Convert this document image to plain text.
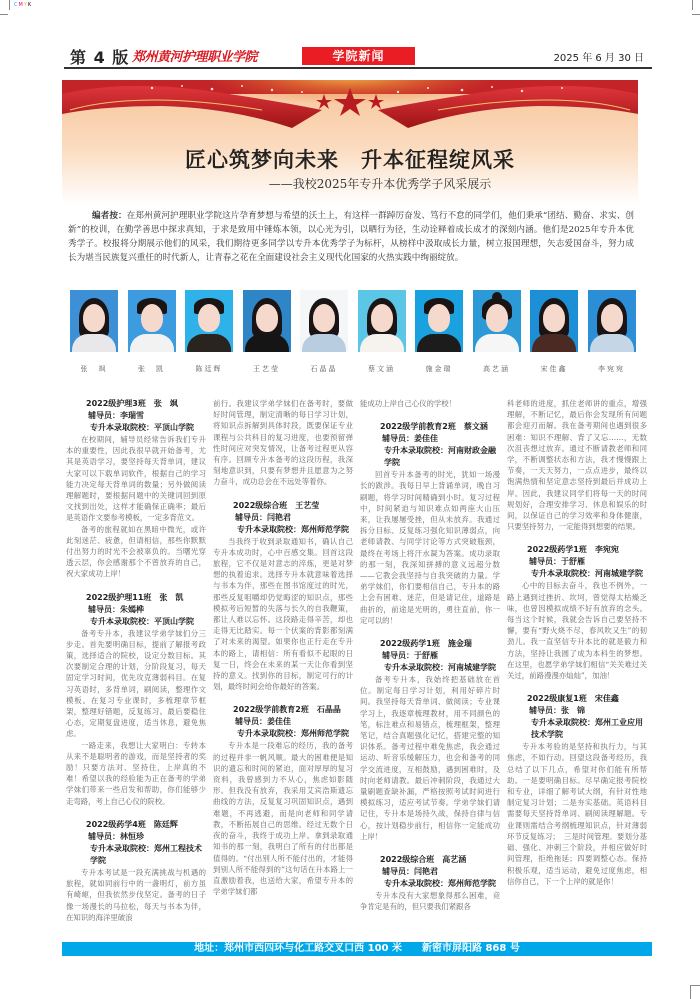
CMYK
第 4 版 郑州黄河护理职业学院	学院新闻	2025 年 6 月 30 日
匠心筑梦向未来　升本征程绽风采
——我校2025年专升本优秀学子风采展示
编者按：在郑州黄河护理职业学院这片孕育梦想与希望的沃土上，有这样一群踔厉奋发、笃行不怠的同学们，他们秉承“团结、勤奋、求实、创新”的校训，在勤学善思中探求真知，于求是致用中锤炼本领，以心光为引，以晒行为径，生动诠释着成长成才的深刻内涵。他们是2025年专升本优秀学子。校报将分期展示他们的风采，我们期待更多同学以专升本优秀学子为标杆，从榜样中汲取成长力量，树立报国理想，矢志爱国奋斗，努力成长为堪当民族复兴重任的时代新人，让青春之花在全面建设社会主义现代化国家的火热实践中绚丽绽放。
张　飒	张　凯	陈廷辉	王艺莹	石晶晶	蔡文涵	施金瑞	高艺涵	宋佳鑫	李宛宛
2022级护理3班　张　飒
辅导员：李瑞雪
专升本录取院校：平顶山学院

在校期间，辅导员经常告诉我们专升本的重要性，因此我很早就开始备考，尤其是英语学习，要坚持每天背单词，建议大家可以下载单词软件，根据自己的学习能力决定每天背单词的数量；另外做阅读理解题时，要根据问题中的关键词回到原文找到出处，这样才能确保正确率；最后是英语作文要参考模板，一定多背范文。

备考的旅程就如在黑暗中微光，或许此刻迷茫、疲惫，但请相信，那些你默默付出努力的时光不会被辜负的。当曙光穿透云层，你会感谢那个不曾放弃的自己，祝大家成功上岸！

2022级护理11班　张　凯
辅导员：朱嫣桦
专升本录取院校：平顶山学院

备考专升本，我建议学弟学妹们分三步走。首先要明确目标，提前了解报考政策，选择适合的院校，设定分数目标。其次要制定合理的计划，分阶段复习，每天固定学习时间，优先攻克薄弱科目。在复习英语时，多背单词，刷阅读，整理作文模板。在复习专业课时，多梳理章节框架，整理好错题，反复练习。最后要稳住心态，定期复盘进度，适当休息，避免焦虑。

一路走来，我想让大家明白：专转本从来不是聪明者的游戏，而是坚持者的奖励！只要方法对、坚持住，上岸真的不难！希望以我的经验能为正在备考的学弟学妹们带来一些启发和帮助，你们能够少走弯路，考上自己心仪的院校。

2022级药学4班　陈廷辉
辅导员：林恒珍
专升本录取院校：郑州工程技术学院

专升本考试是一段充满挑战与机遇的旅程，就如同前行中的一盏明灯，前方虽有崎岖，但我依然步伐坚定。备考的日子像一场漫长的马拉松，每天与书本为伴，在知识的海洋里破浪

前行。我建议学弟学妹们在备考时，要做好时间管理，制定清晰的每日学习计划，将知识点拆解到具体时段，既要保证专业课程与公共科目的复习进度，也要预留弹性时间应对突发情况，让备考过程更从容有序。回顾专升本备考的这段历程，我深刻地意识到，只要有梦想并且愿意为之努力奋斗，成功总会在不远处等着你。

2022级综合班　王艺莹
辅导员：闫艳君
专升本录取院校：郑州师范学院

当我终于收到录取通知书，确认自己专升本成功时，心中百感交集。回首这段旅程，它不仅是对意志的淬炼，更是对梦想的执着追求。选择专升本就意味着选择与书本为伴，那些在图书馆度过的时光，那些反复咀嚼却仍觉晦涩的知识点，那些模拟考后短暂的失落与长久的自我鞭策，都让人难以忘怀。这段路走得辛苦，却也走得无比踏实。每一个伏案的背影都刻满了对未来的渴望。如果你也正行走在专升本的路上，请相信：所有看似不起眼的日复一日，终会在未来的某一天让你看到坚持的意义。找到你的目标，制定可行的计划，最终时间会给你最好的答案。

2022级学前教育2班　石晶晶
辅导员：姜佳佳
专升本录取院校：郑州师范学院

专升本是一段难忘的经历，我的备考的过程并非一帆风顺。最大的困难便是知识的遗忘和时间的紧迫，面对厚厚的复习资料，我曾感到力不从心，焦虑如影随形。但我没有放弃，我采用艾宾浩斯遗忘曲线的方法，反复复习巩固知识点，遇到难题，不再逃避，而是向老师和同学请教，不断拓展自己的思维。经过无数个日夜的奋斗，我终于成功上岸。拿到录取通知书的那一刻，我明白了所有的付出都是值得的。“付出别人所不能付出的，才能得到别人所不能得到的”这句话在升本路上一直激励着我，也送给大家，希望专升本的学弟学妹们都

能成功上岸自己心仪的学校！

2022级学前教育2班　蔡文涵
辅导员：姜佳佳
专升本录取院校：河南财政金融学院

回首专升本备考的时光，犹如一场漫长的跋涉。我每日早上背诵单词，晚自习刷题，将学习时间精确到小时。复习过程中，时间紧迫与知识难点如两座大山压来，让我屡屡受挫，但从未放弃。我通过拆分目标、反复练习强化知识薄弱点，向老师请教、与同学讨论等方式突破瓶颈，最终在考场上将汗水凝为答案。成功录取的那一刻，我深知拼搏的意义远超分数——它教会我坚持与自我突破的力量。学弟学妹们，你们要相信自己，专升本的路上会有困难、迷茫，但是请记住，道路是曲折的，前途是光明的，勇往直前，你一定可以的！

2022级药学1班　施金瑞
辅导员：于舒雁
专升本录取院校：河南城建学院

备考专升本，我始终把基础放在首位。制定每日学习计划，利用好碎片时间。我坚持每天背单词、做阅读；专业课学习上，我逐章梳理教材，用不同颜色的笔，标注难点和易错点，梳理框架，整理笔记，结合真题强化记忆，搭建完整的知识体系。备考过程中难免焦虑，我会通过运动、听音乐缓解压力，也会和备考的同学交流进度，互相鼓励，遇到困难时，及时向老师请教。最后冲刺阶段，我通过大量刷题查缺补漏，严格按照考试时间进行模拟练习，适应考试节奏。学弟学妹们请记住，专升本是场持久战，保持自律与信心，按计划稳步前行，相信你一定能成功上岸！

2022级综合班　高艺涵
辅导员：闫艳君
专升本录取院校：郑州师范学院

专升本没有大家想象得那么困难，竞争肯定是有的，但只要我们紧跟各

科老师的进度，抓住老师讲的重点，增强理解，不断记忆，最后你会发现所有问题都会迎刃而解。我在备考期间也遇到很多困难：知识不理解、背了又忘……，无数次沮丧想过放弃。通过不断请教老师和同学，不断调整状态和方法，我才慢慢跟上节奏，一天天努力，一点点进步，最终以饱满热情和坚定意志坚持到最后并成功上岸。因此，我建议同学们将每一天的时间规划好，合理安排学习、休息和娱乐的时间，以保证自己的学习效率和身体健康，只要坚持努力，一定能得到想要的结果。

2022级药学1班　李宛宛
辅导员：于舒雁
专升本录取院校：河南城建学院

心中的目标去奋斗，我也不例外，一路上遇到过挫折、坎坷，曾觉得太枯燥乏味，也曾因模拟成绩不好有放弃的念头。每当这个时候，我就会告诉自己要坚持不懈，要有“野火烧不尽，春风吹又生”的韧劲儿。我一直坚信专升本比的就是毅力和方法，坚持让我圆了成为本科生的梦想。在这里，也愿学弟学妹们相信“关关难过关关过，前路漫漫亦灿灿”，加油！

2022级康复1班　宋佳鑫
辅导员：张　锦
专升本录取院校：郑州工业应用技术学院

专升本考验的是坚持和执行力，与其焦虑，不如行动。回望这段备考经历，我总结了以下几点，希望对你们能有所帮助。一是要明确目标。尽早确定报考院校和专业，详细了解考试大纲，有针对性地制定复习计划；二是夯实基础。英语科目需要每天坚持背单词、刷阅读理解题。专业课则需结合考纲梳理知识点，针对薄弱环节反复练习；　三是时间管理。要划分基础、强化、冲刺三个阶段，并相应做好时间管理，拒绝拖延；四要调整心态。保持积极乐观，适当运动，避免过度焦虑，相信你自己，下一个上岸的就是你！

地址：郑州市西四环与化工路交叉口西 100 米　　新密市屏阳路 868 号
